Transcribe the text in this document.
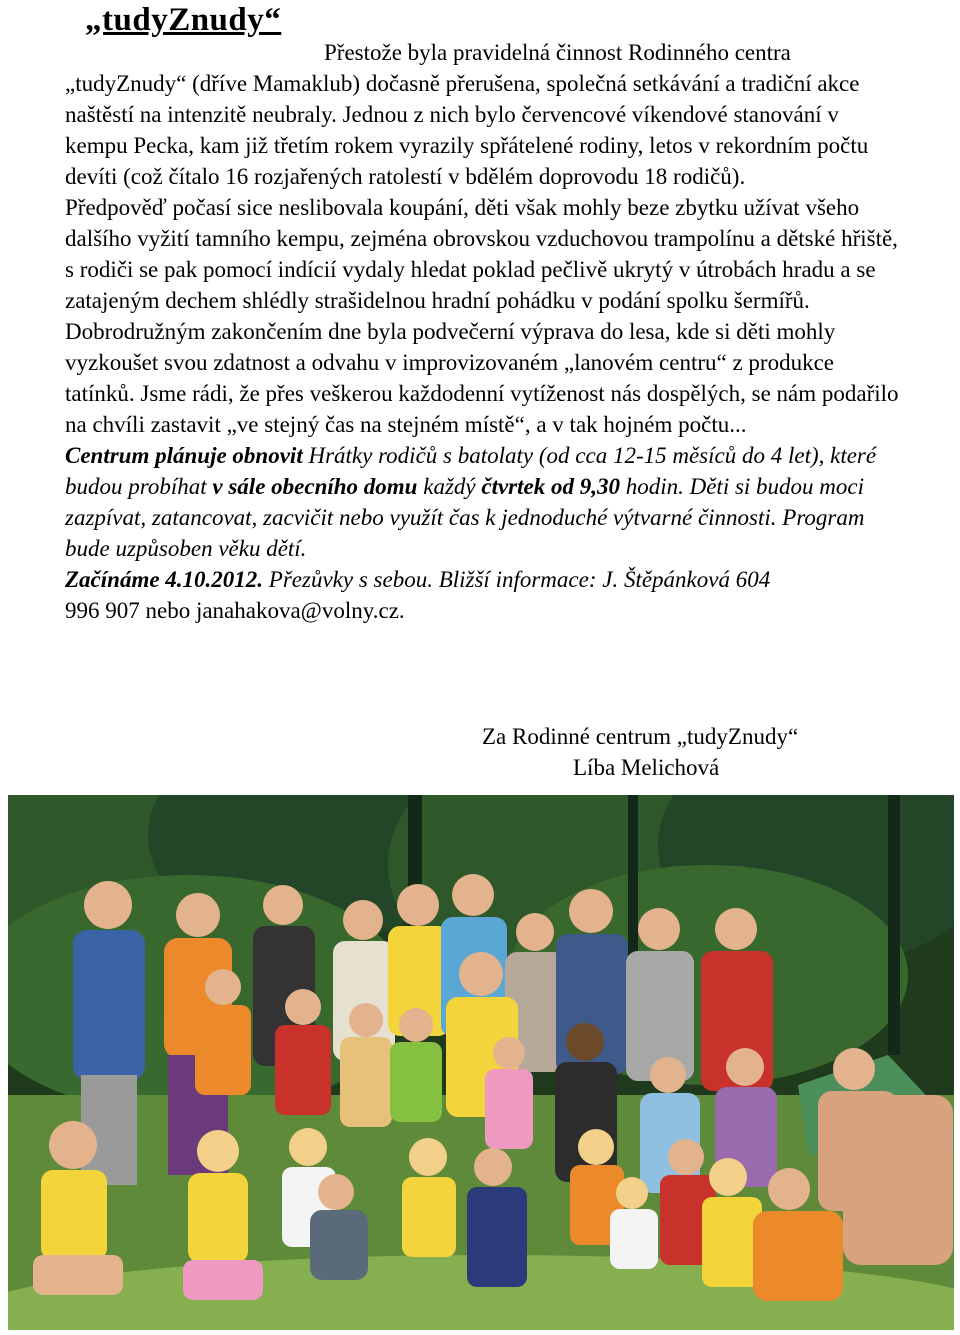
„tudyZnudy“

Přestože byla pravidelná činnost Rodinného centra „tudyZnudy“ (dříve Mamaklub) dočasně přerušena, společná setkávání a tradiční akce naštěstí na intenzitě neubraly. Jednou z nich bylo červencové víkendové stanování v kempu Pecka, kam již třetím rokem vyrazily spřátelené rodiny, letos v rekordním počtu devíti (což čítalo 16 rozjařených ratolestí v bdělém doprovodu 18 rodičů).

Předpověď počasí sice neslibovala koupání, děti však mohly beze zbytku užívat všeho dalšího vyžití tamního kempu, zejména obrovskou vzduchovou trampolínu a dětské hřiště, s rodiči se pak pomocí indícií vydaly hledat poklad pečlivě ukrytý v útrobách hradu a se zatajeným dechem shlédly strašidelnou hradní pohádku v podání spolku šermířů. Dobrodružným zakončením dne byla podvečerní výprava do lesa, kde si děti mohly vyzkoušet svou zdatnost a odvahu v improvizovaném „lanovém centru“ z produkce tatínků. Jsme rádi, že přes veškerou každodenní vytíženost nás dospělých, se nám podařilo na chvíli zastavit „ve stejný čas na stejném místě“, a v tak hojném počtu...

Centrum plánuje obnovit Hrátky rodičů s batolaty (od cca 12-15 měsíců do 4 let), které budou probíhat v sále obecního domu každý čtvrtek od 9,30 hodin. Děti si budou moci zazpívat, zatancovat, zacvičit nebo využít čas k jednoduché výtvarné činnosti. Program bude uzpůsoben věku dětí.
Začínáme 4.10.2012. Přezůvky s sebou. Bližší informace: J. Štěpánková 604
996 907 nebo janahakova@volny.cz.

Za Rodinné centrum „tudyZnudy“
Líba Melichová
